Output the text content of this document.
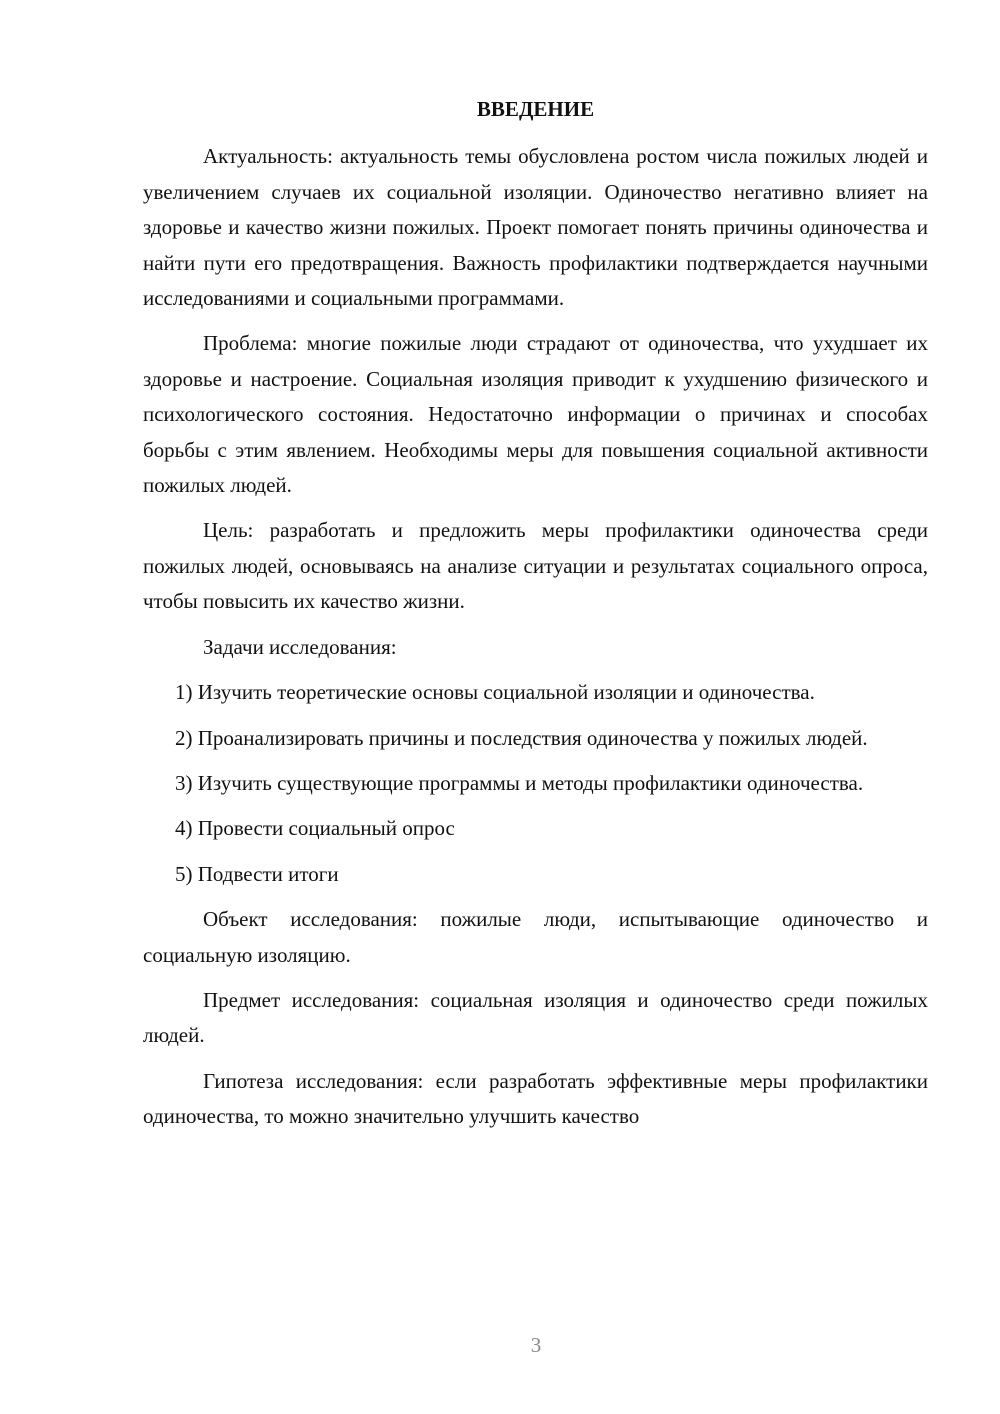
ВВЕДЕНИЕ

Актуальность: актуальность темы обусловлена ростом числа пожилых людей и увеличением случаев их социальной изоляции. Одиночество негативно влияет на здоровье и качество жизни пожилых. Проект помогает понять причины одиночества и найти пути его предотвращения. Важность профилактики подтверждается научными исследованиями и социальными программами.

Проблема: многие пожилые люди страдают от одиночества, что ухудшает их здоровье и настроение. Социальная изоляция приводит к ухудшению физического и психологического состояния. Недостаточно информации о причинах и способах борьбы с этим явлением. Необходимы меры для повышения социальной активности пожилых людей.

Цель: разработать и предложить меры профилактики одиночества среди пожилых людей, основываясь на анализе ситуации и результатах социального опроса, чтобы повысить их качество жизни.

Задачи исследования:

1) Изучить теоретические основы социальной изоляции и одиночества.

2) Проанализировать причины и последствия одиночества у пожилых людей.

3) Изучить существующие программы и методы профилактики одиночества.

4) Провести социальный опрос

5) Подвести итоги

Объект исследования: пожилые люди, испытывающие одиночество и социальную изоляцию.

Предмет исследования: социальная изоляция и одиночество среди пожилых людей.

Гипотеза исследования: если разработать эффективные меры профилактики одиночества, то можно значительно улучшить качество

3
